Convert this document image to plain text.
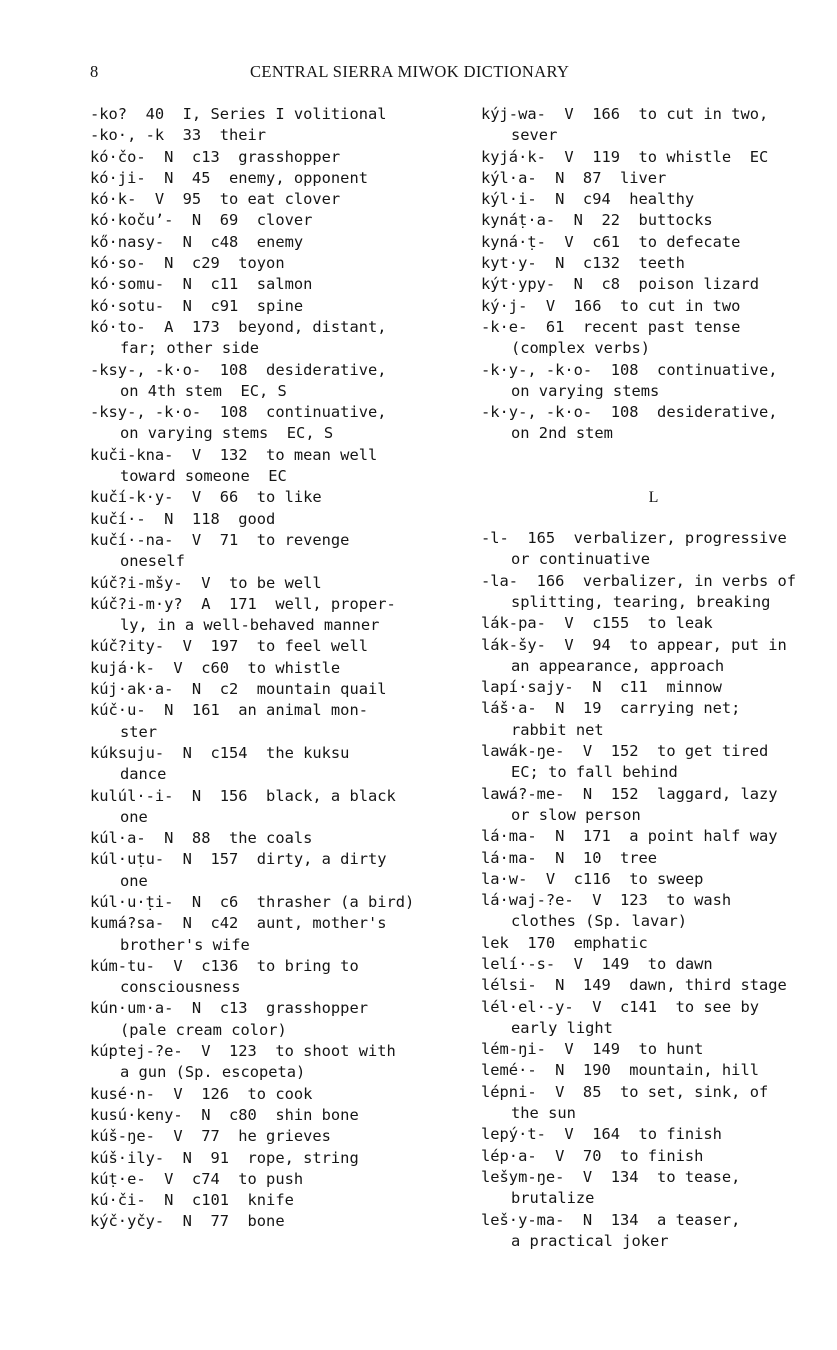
8	CENTRAL SIERRA MIWOK DICTIONARY
-ko?  40  I, Series I volitional
-ko·, -k  33  their
kó·čo-  N  c13  grasshopper
kó·ji-  N  45  enemy, opponent
kó·k-  V  95  to eat clover
kó·kočuʼ-  N  69  clover
kő·nasy-  N  c48  enemy
kó·so-  N  c29  toyon
kó·somu-  N  c11  salmon
kó·sotu-  N  c91  spine
kó·to-  A  173  beyond, distant,
far; other side
-ksy-, -k·o-  108  desiderative,
on 4th stem  EC, S
-ksy-, -k·o-  108  continuative,
on varying stems  EC, S
kuči-kna-  V  132  to mean well
toward someone  EC
kučí-k·y-  V  66  to like
kučí·-  N  118  good
kučí·-na-  V  71  to revenge
oneself
kúč?i-mšy-  V  to be well
kúč?i-m·y?  A  171  well, proper-
ly, in a well-behaved manner
kúč?ity-  V  197  to feel well
kujá·k-  V  c60  to whistle
kúj·ak·a-  N  c2  mountain quail
kúč·u-  N  161  an animal mon-
ster
kúksuju-  N  c154  the kuksu
dance
kulúl·-i-  N  156  black, a black
one
kúl·a-  N  88  the coals
kúl·uṭu-  N  157  dirty, a dirty
one
kúl·u·ṭi-  N  c6  thrasher (a bird)
kumá?sa-  N  c42  aunt, mother's
brother's wife
kúm-tu-  V  c136  to bring to
consciousness
kún·um·a-  N  c13  grasshopper
(pale cream color)
kúptej-?e-  V  123  to shoot with
a gun (Sp. escopeta)
kusé·n-  V  126  to cook
kusú·keny-  N  c80  shin bone
kúš-ŋe-  V  77  he grieves
kúš·ily-  N  91  rope, string
kúṭ·e-  V  c74  to push
kú·či-  N  c101  knife
kýč·yčy-  N  77  bone
kýj-wa-  V  166  to cut in two,
sever
kyjá·k-  V  119  to whistle  EC
kýl·a-  N  87  liver
kýl·i-  N  c94  healthy
kynáṭ·a-  N  22  buttocks
kyná·ṭ-  V  c61  to defecate
kyt·y-  N  c132  teeth
kýt·ypy-  N  c8  poison lizard
ký·j-  V  166  to cut in two
-k·e-  61  recent past tense
(complex verbs)
-k·y-, -k·o-  108  continuative,
on varying stems
-k·y-, -k·o-  108  desiderative,
on 2nd stem
L
-l-  165  verbalizer, progressive
or continuative
-la-  166  verbalizer, in verbs of
splitting, tearing, breaking
lák-pa-  V  c155  to leak
lák-šy-  V  94  to appear, put in
an appearance, approach
lapí·sajy-  N  c11  minnow
láš·a-  N  19  carrying net;
rabbit net
lawák-ŋe-  V  152  to get tired
EC; to fall behind
lawá?-me-  N  152  laggard, lazy
or slow person
lá·ma-  N  171  a point half way
lá·ma-  N  10  tree
la·w-  V  c116  to sweep
lá·waj-?e-  V  123  to wash
clothes (Sp. lavar)
lek  170  emphatic
lelí·-s-  V  149  to dawn
lélsi-  N  149  dawn, third stage
lél·el·-y-  V  c141  to see by
early light
lém-ŋi-  V  149  to hunt
lemé·-  N  190  mountain, hill
lépni-  V  85  to set, sink, of
the sun
lepý·t-  V  164  to finish
lép·a-  V  70  to finish
lešym-ŋe-  V  134  to tease,
brutalize
leš·y-ma-  N  134  a teaser,
a practical joker
